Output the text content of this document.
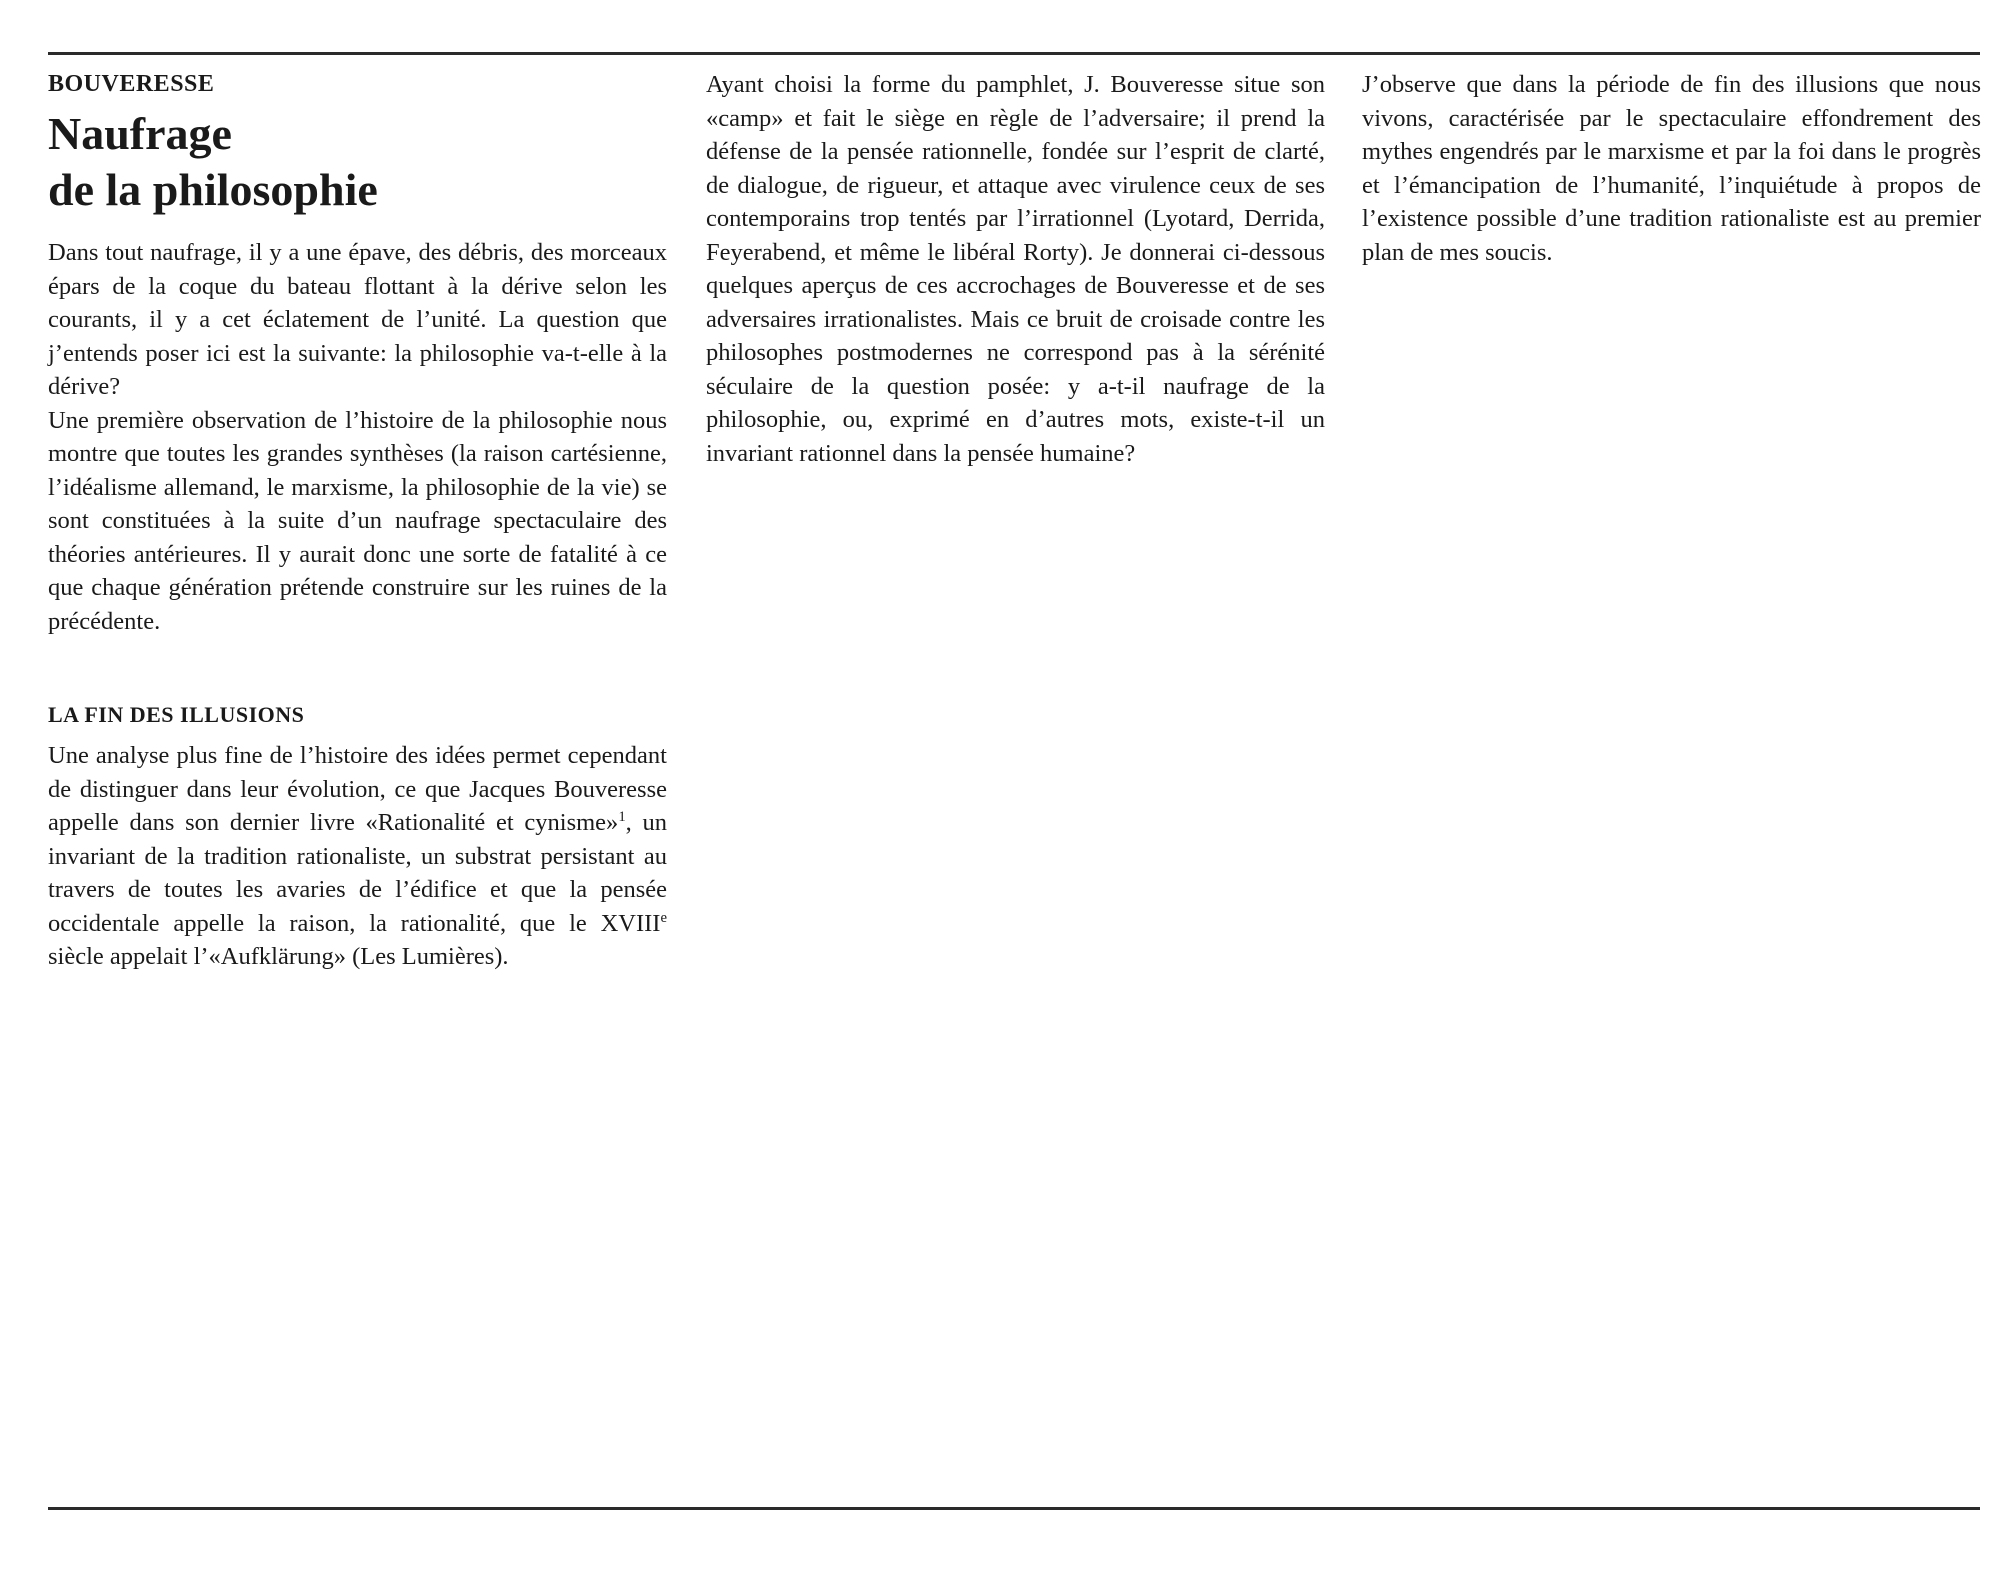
BOUVERESSE
Naufrage
de la philosophie

Dans tout naufrage, il y a une épave, des débris, des morceaux épars de la coque du bateau flottant à la dérive selon les courants, il y a cet éclatement de l’unité. La question que j’entends poser ici est la suivante: la philosophie va-t-elle à la dérive?

Une première observation de l’histoire de la philosophie nous montre que toutes les grandes synthèses (la raison cartésienne, l’idéalisme allemand, le marxisme, la philosophie de la vie) se sont constituées à la suite d’un naufrage spectaculaire des théories antérieures. Il y aurait donc une sorte de fatalité à ce que chaque génération prétende construire sur les ruines de la précédente.

LA FIN DES ILLUSIONS

Une analyse plus fine de l’histoire des idées permet cependant de distinguer dans leur évolution, ce que Jacques Bouveresse appelle dans son dernier livre «Rationalité et cynisme»$^1$, un invariant de la tradition rationaliste, un substrat persistant au travers de toutes les avaries de l’édifice et que la pensée occidentale appelle la raison, la rationalité, que le XVIIIe siècle appelait l’«Aufklärung» (Les Lumières).

Ayant choisi la forme du pamphlet, J. Bouveresse situe son «camp» et fait le siège en règle de l’adversaire; il prend la défense de la pensée rationnelle, fondée sur l’esprit de clarté, de dialogue, de rigueur, et attaque avec virulence ceux de ses contemporains trop tentés par l’irrationnel (Lyotard, Derrida, Feyerabend, et même le libéral Rorty). Je donnerai ci-dessous quelques aperçus de ces accrochages de Bouveresse et de ses adversaires irrationalistes. Mais ce bruit de croisade contre les philosophes postmodernes ne correspond pas à la sérénité séculaire de la question posée: y a-t-il naufrage de la philosophie, ou, exprimé en d’autres mots, existe-t-il un invariant rationnel dans la pensée humaine?

J’observe que dans la période de fin des illusions que nous vivons, caractérisée par le spectaculaire effondrement des mythes engendrés par le marxisme et par la foi dans le progrès et l’émancipation de l’humanité, l’inquiétude à propos de l’existence possible d’une tradition rationaliste est au premier plan de mes soucis.
